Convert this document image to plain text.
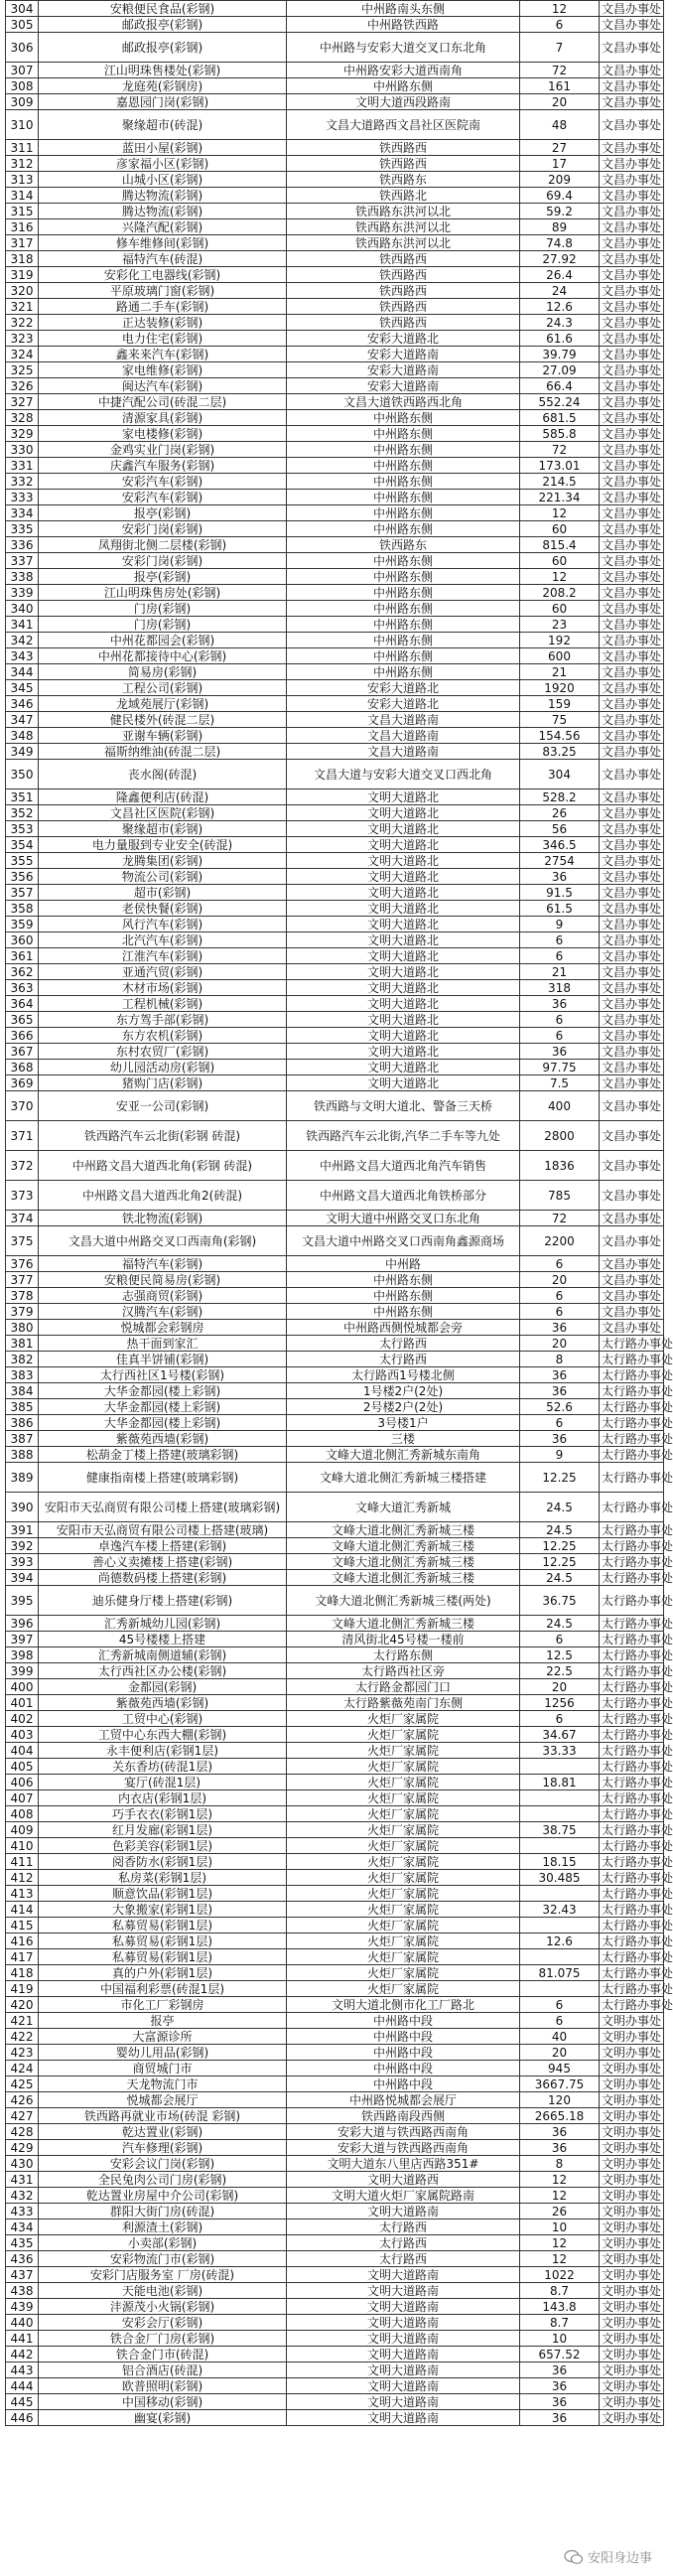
304	安粮便民食品(彩钢)	中州路南头东侧	12	文昌办事处
305	邮政报亭(彩钢)	中州路铁西路	6	文昌办事处
306	邮政报亭(彩钢)	中州路与安彩大道交叉口东北角	7	文昌办事处
307	江山明珠售楼处(彩钢)	中州路安彩大道西南角	72	文昌办事处
308	龙庭苑(彩钢房)	中州路东侧	161	文昌办事处
309	嘉恩园门岗(彩钢)	文明大道西段路南	20	文昌办事处
310	聚缘超市(砖混)	文昌大道路西文昌社区医院南	48	文昌办事处
311	蓝田小屋(彩钢)	铁西路西	27	文昌办事处
312	彦家福小区(彩钢)	铁西路西	17	文昌办事处
313	山城小区(彩钢)	铁西路东	209	文昌办事处
314	腾达物流(彩钢)	铁西路北	69.4	文昌办事处
315	腾达物流(彩钢)	铁西路东洪河以北	59.2	文昌办事处
316	兴隆汽配(彩钢)	铁西路东洪河以北	89	文昌办事处
317	修车维修间(彩钢)	铁西路东洪河以北	74.8	文昌办事处
318	福特汽车(砖混)	铁西路西	27.92	文昌办事处
319	安彩化工电器线(彩钢)	铁西路西	26.4	文昌办事处
320	平原玻璃门窗(彩钢)	铁西路西	24	文昌办事处
321	路通二手车(彩钢)	铁西路西	12.6	文昌办事处
322	正达装修(彩钢)	铁西路西	24.3	文昌办事处
323	电力住宅(彩钢)	安彩大道路北	61.6	文昌办事处
324	鑫来来汽车(彩钢)	安彩大道路南	39.79	文昌办事处
325	家电维修(彩钢)	安彩大道路南	27.09	文昌办事处
326	闽达汽车(彩钢)	安彩大道路南	66.4	文昌办事处
327	中捷汽配公司(砖混二层)	文昌大道铁西路西北角	552.24	文昌办事处
328	清源家具(彩钢)	中州路东侧	681.5	文昌办事处
329	家电楼修(彩钢)	中州路东侧	585.8	文昌办事处
330	金鸡实业门岗(彩钢)	中州路东侧	72	文昌办事处
331	庆鑫汽车服务(彩钢)	中州路东侧	173.01	文昌办事处
332	安彩汽车(彩钢)	中州路东侧	214.5	文昌办事处
333	安彩汽车(彩钢)	中州路东侧	221.34	文昌办事处
334	报亭(彩钢)	中州路东侧	12	文昌办事处
335	安彩门岗(彩钢)	中州路东侧	60	文昌办事处
336	凤翔街北侧二层楼(彩钢)	铁西路东	815.4	文昌办事处
337	安彩门岗(彩钢)	中州路东侧	60	文昌办事处
338	报亭(彩钢)	中州路东侧	12	文昌办事处
339	江山明珠售房处(彩钢)	中州路东侧	208.2	文昌办事处
340	门房(彩钢)	中州路东侧	60	文昌办事处
341	门房(彩钢)	中州路东侧	23	文昌办事处
342	中州花都园会(彩钢)	中州路东侧	192	文昌办事处
343	中州花都接待中心(彩钢)	中州路东侧	600	文昌办事处
344	简易房(彩钢)	中州路东侧	21	文昌办事处
345	工程公司(彩钢)	安彩大道路北	1920	文昌办事处
346	龙域苑展厅(彩钢)	安彩大道路北	159	文昌办事处
347	健民楼外(砖混二层)	文昌大道路南	75	文昌办事处
348	亚谢车辆(彩钢)	文昌大道路南	154.56	文昌办事处
349	福斯纳维油(砖混二层)	文昌大道路南	83.25	文昌办事处
350	丧水阁(砖混)	文昌大道与安彩大道交叉口西北角	304	文昌办事处
351	隆鑫便利店(砖混)	文明大道路北	528.2	文昌办事处
352	文昌社区医院(彩钢)	文明大道路北	26	文昌办事处
353	聚缘超市(彩钢)	文明大道路北	56	文昌办事处
354	电力量服到专业安全(砖混)	文明大道路北	346.5	文昌办事处
355	龙腾集团(彩钢)	文明大道路北	2754	文昌办事处
356	物流公司(彩钢)	文明大道路北	36	文昌办事处
357	超市(彩钢)	文明大道路北	91.5	文昌办事处
358	老侯快餐(彩钢)	文明大道路北	61.5	文昌办事处
359	风行汽车(彩钢)	文明大道路北	9	文昌办事处
360	北汽汽车(彩钢)	文明大道路北	6	文昌办事处
361	江淮汽车(彩钢)	文明大道路北	6	文昌办事处
362	亚通汽贸(彩钢)	文明大道路北	21	文昌办事处
363	木材市场(彩钢)	文明大道路北	318	文昌办事处
364	工程机械(彩钢)	文明大道路北	36	文昌办事处
365	东方驾手部(彩钢)	文明大道路北	6	文昌办事处
366	东方农机(彩钢)	文明大道路北	6	文昌办事处
367	东村农贸厂(彩钢)	文明大道路北	36	文昌办事处
368	幼儿园活动房(彩钢)	文明大道路北	97.75	文昌办事处
369	猪购门店(彩钢)	文明大道路北	7.5	文昌办事处
370	安亚一公司(彩钢)	铁西路与文明大道北、警备三天桥	400	文昌办事处
371	铁西路汽车云北街(彩钢 砖混)	铁西路汽车云北街,汽华二手车等九处	2800	文昌办事处
372	中州路文昌大道西北角(彩钢 砖混)	中州路文昌大道西北角汽车销售	1836	文昌办事处
373	中州路文昌大道西北角2(砖混)	中州路文昌大道西北角铁桥部分	785	文昌办事处
374	铁北物流(彩钢)	文明大道中州路交叉口东北角	72	文昌办事处
375	文昌大道中州路交叉口西南角(彩钢)	文昌大道中州路交叉口西南角鑫源商场	2200	文昌办事处
376	福特汽车(彩钢)	中州路	6	文昌办事处
377	安粮便民简易房(彩钢)	中州路东侧	20	文昌办事处
378	志强商贸(彩钢)	中州路东侧	6	文昌办事处
379	汉腾汽车(彩钢)	中州路东侧	6	文昌办事处
380	悦城都会彩钢房	中州路西侧悦城都会旁	36	文昌办事处
381	热干面到家汇	太行路西	20	太行路办事处
382	佳真半饼铺(彩钢)	太行路西	8	太行路办事处
383	太行西社区1号楼(彩钢)	太行路西1号楼北侧	36	太行路办事处
384	大华金都园(楼上彩钢)	1号楼2户(2处)	36	太行路办事处
385	大华金都园(楼上彩钢)	2号楼2户(2处)	52.6	太行路办事处
386	大华金都园(楼上彩钢)	3号楼1户	6	太行路办事处
387	紫薇苑西墙(彩钢)	三楼	36	太行路办事处
388	松葫金丁楼上搭建(玻璃彩钢)	文峰大道北侧汇秀新城东南角	9	太行路办事处
389	健康指南楼上搭建(玻璃彩钢)	文峰大道北侧汇秀新城三楼搭建	12.25	太行路办事处
390	安阳市天弘商贸有限公司楼上搭建(玻璃彩钢)	文峰大道汇秀新城	24.5	太行路办事处
391	安阳市天弘商贸有限公司楼上搭建(玻璃)	文峰大道北侧汇秀新城三楼	24.5	太行路办事处
392	卓逸汽车楼上搭建(彩钢)	文峰大道北侧汇秀新城三楼	12.25	太行路办事处
393	善心义卖摊楼上搭建(彩钢)	文峰大道北侧汇秀新城三楼	12.25	太行路办事处
394	尚德数码楼上搭建(彩钢)	文峰大道北侧汇秀新城三楼	24.5	太行路办事处
395	迪乐健身厅楼上搭建(彩钢)	文峰大道北侧汇秀新城三楼(两处)	36.75	太行路办事处
396	汇秀新城幼儿园(彩钢)	文峰大道北侧汇秀新城三楼	24.5	太行路办事处
397	45号楼楼上搭建	清风街北45号楼一楼前	6	太行路办事处
398	汇秀新城南侧道辅(彩钢)	太行路东侧	12.5	太行路办事处
399	太行西社区办公楼(彩钢)	太行路西社区旁	22.5	太行路办事处
400	金都园(彩钢)	太行路金都园门口	20	太行路办事处
401	紫薇苑西墙(彩钢)	太行路紫薇苑南门东侧	1256	太行路办事处
402	工贸中心(彩钢)	火炬厂家属院	6	太行路办事处
403	工贸中心东西大棚(彩钢)	火炬厂家属院	34.67	太行路办事处
404	永丰便利店(彩钢1层)	火炬厂家属院	33.33	太行路办事处
405	关东香坊(砖混1层)	火炬厂家属院		太行路办事处
406	宴厅(砖混1层)	火炬厂家属院	18.81	太行路办事处
407	内衣店(彩钢1层)	火炬厂家属院		太行路办事处
408	巧手衣衣(彩钢1层)	火炬厂家属院		太行路办事处
409	红月发廊(彩钢1层)	火炬厂家属院	38.75	太行路办事处
410	色彩美容(彩钢1层)	火炬厂家属院		太行路办事处
411	阅香防水(彩钢1层)	火炬厂家属院	18.15	太行路办事处
412	私房菜(彩钢1层)	火炬厂家属院	30.485	太行路办事处
413	顺意饮品(彩钢1层)	火炬厂家属院		太行路办事处
414	大象搬家(彩钢1层)	火炬厂家属院	32.43	太行路办事处
415	私募贸易(彩钢1层)	火炬厂家属院		太行路办事处
416	私募贸易(彩钢1层)	火炬厂家属院	12.6	太行路办事处
417	私募贸易(彩钢1层)	火炬厂家属院		太行路办事处
418	真的户外(彩钢1层)	火炬厂家属院	81.075	太行路办事处
419	中国福利彩票(砖混1层)	火炬厂家属院		太行路办事处
420	市化工厂彩钢房	文明大道北侧市化工厂路北	6	太行路办事处
421	报亭	中州路中段	6	文明办事处
422	大富源诊所	中州路中段	40	文明办事处
423	婴幼儿用品(彩钢)	中州路中段	20	文明办事处
424	商贸城门市	中州路中段	945	文明办事处
425	天龙物流门市	中州路中段	3667.75	文明办事处
426	悦城都会展厅	中州路悦城都会展厅	120	文明办事处
427	铁西路再就业市场(砖混 彩钢)	铁西路南段西侧	2665.18	文明办事处
428	乾达置业(彩钢)	安彩大道与铁西路西南角	36	文明办事处
429	汽车修理(彩钢)	安彩大道与铁西路西南角	36	文明办事处
430	安彩会议门岗(彩钢)	文明大道东八里店西路351#	8	文明办事处
431	全民兔肉公司门房(彩钢)	文明大道路西	12	文明办事处
432	乾达置业房屋中介公司(彩钢)	文明大道火炬厂家属院路南	12	文明办事处
433	群阳大街门房(砖混)	文明大道路南	26	文明办事处
434	利源渣土(彩钢)	太行路西	10	文明办事处
435	小卖部(彩钢)	太行路西	12	文明办事处
436	安彩物流门市(彩钢)	太行路西	12	文明办事处
437	安彩门店服务室 厂房(砖混)	文明大道路南	1022	文明办事处
438	天能电池(彩钢)	文明大道路南	8.7	文明办事处
439	沣源茂小火锅(彩钢)	文明大道路南	143.8	文明办事处
440	安彩会厅(彩钢)	文明大道路南	8.7	文明办事处
441	铁合金厂门房(彩钢)	文明大道路南	10	文明办事处
442	铁合金门市(砖混)	文明大道路南	657.52	文明办事处
443	铝合酒店(砖混)	文明大道路南	36	文明办事处
444	欧普照明(彩钢)	文明大道路南	36	文明办事处
445	中国移动(彩钢)	文明大道路南	36	文明办事处
446	幽宴(彩钢)	文明大道路南	36	文明办事处
安阳身边事
